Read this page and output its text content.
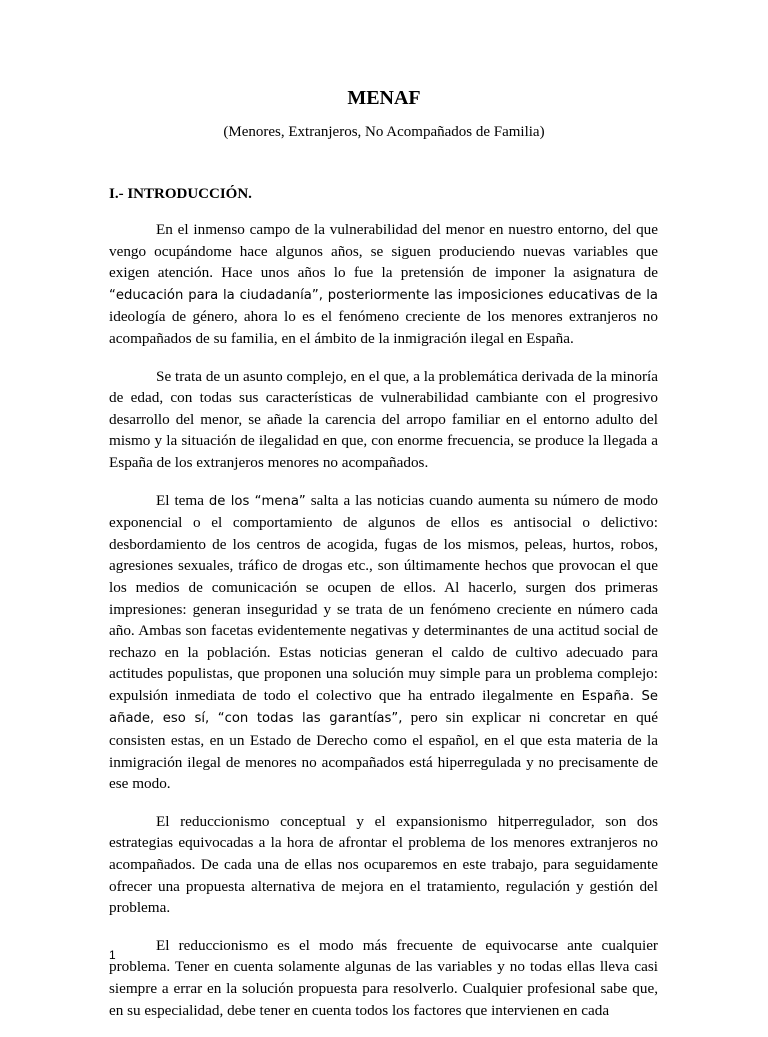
MENAF

(Menores, Extranjeros, No Acompañados de Familia)

I.- INTRODUCCIÓN.

En el inmenso campo de la vulnerabilidad del menor en nuestro entorno, del que vengo ocupándome hace algunos años, se siguen produciendo nuevas variables que exigen atención. Hace unos años lo fue la pretensión de imponer la asignatura de “educación para la ciudadanía”, posteriormente las imposiciones educativas de la ideología de género, ahora lo es el fenómeno creciente de los menores extranjeros no acompañados de su familia, en el ámbito de la inmigración ilegal en España.

Se trata de un asunto complejo, en el que, a la problemática derivada de la minoría de edad, con todas sus características de vulnerabilidad cambiante con el progresivo desarrollo del menor, se añade la carencia del arropo familiar en el entorno adulto del mismo y la situación de ilegalidad en que, con enorme frecuencia, se produce la llegada a España de los extranjeros menores no acompañados.

El tema de los “mena” salta a las noticias cuando aumenta su número de modo exponencial o el comportamiento de algunos de ellos es antisocial o delictivo: desbordamiento de los centros de acogida, fugas de los mismos, peleas, hurtos, robos, agresiones sexuales, tráfico de drogas etc., son últimamente hechos que provocan el que los medios de comunicación se ocupen de ellos. Al hacerlo, surgen dos primeras impresiones: generan inseguridad y se trata de un fenómeno creciente en número cada año. Ambas son facetas evidentemente negativas y determinantes de una actitud social de rechazo en la población. Estas noticias generan el caldo de cultivo adecuado para actitudes populistas, que proponen una solución muy simple para un problema complejo: expulsión inmediata de todo el colectivo que ha entrado ilegalmente en España. Se añade, eso sí, “con todas las garantías”, pero sin explicar ni concretar en qué consisten estas, en un Estado de Derecho como el español, en el que esta materia de la inmigración ilegal de menores no acompañados está hiperregulada y no precisamente de ese modo.

El reduccionismo conceptual y el expansionismo hitperregulador, son dos estrategias equivocadas a la hora de afrontar el problema de los menores extranjeros no acompañados. De cada una de ellas nos ocuparemos en este trabajo, para seguidamente ofrecer una propuesta alternativa de mejora en el tratamiento, regulación y gestión del problema.

El reduccionismo es el modo más frecuente de equivocarse ante cualquier problema. Tener en cuenta solamente algunas de las variables y no todas ellas lleva casi siempre a errar en la solución propuesta para resolverlo. Cualquier profesional sabe que, en su especialidad, debe tener en cuenta todos los factores que intervienen en cada

1
